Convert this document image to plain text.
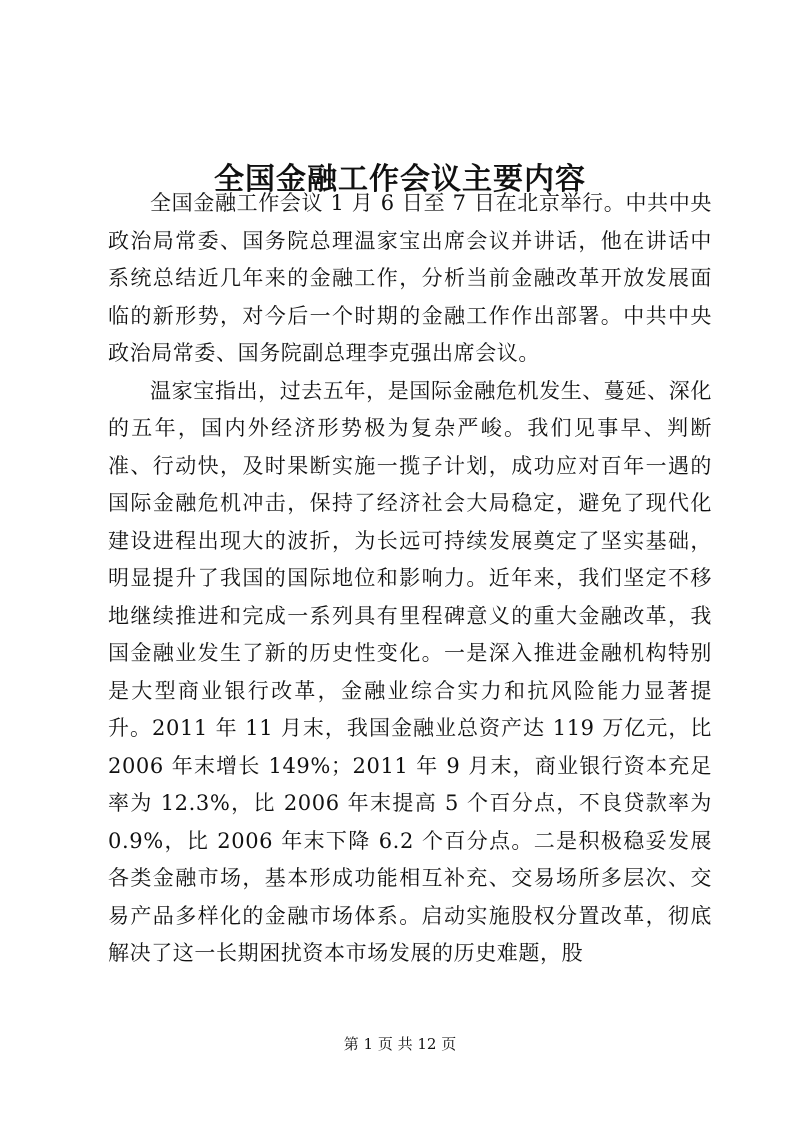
全国金融工作会议主要内容

全国金融工作会议 1 月 6 日至 7 日在北京举行。中共中央政治局常委、国务院总理温家宝出席会议并讲话，他在讲话中系统总结近几年来的金融工作，分析当前金融改革开放发展面临的新形势，对今后一个时期的金融工作作出部署。中共中央政治局常委、国务院副总理李克强出席会议。

温家宝指出，过去五年，是国际金融危机发生、蔓延、深化的五年，国内外经济形势极为复杂严峻。我们见事早、判断准、行动快，及时果断实施一揽子计划，成功应对百年一遇的国际金融危机冲击，保持了经济社会大局稳定，避免了现代化建设进程出现大的波折，为长远可持续发展奠定了坚实基础，明显提升了我国的国际地位和影响力。近年来，我们坚定不移地继续推进和完成一系列具有里程碑意义的重大金融改革，我国金融业发生了新的历史性变化。一是深入推进金融机构特别是大型商业银行改革，金融业综合实力和抗风险能力显著提升。2011 年 11 月末，我国金融业总资产达 119 万亿元，比 2006 年末增长 149%；2011 年 9 月末，商业银行资本充足率为 12.3%，比 2006 年末提高 5 个百分点，不良贷款率为 0.9%，比 2006 年末下降 6.2 个百分点。二是积极稳妥发展各类金融市场，基本形成功能相互补充、交易场所多层次、交易产品多样化的金融市场体系。启动实施股权分置改革，彻底解决了这一长期困扰资本市场发展的历史难题，股

第 1 页 共 12 页
